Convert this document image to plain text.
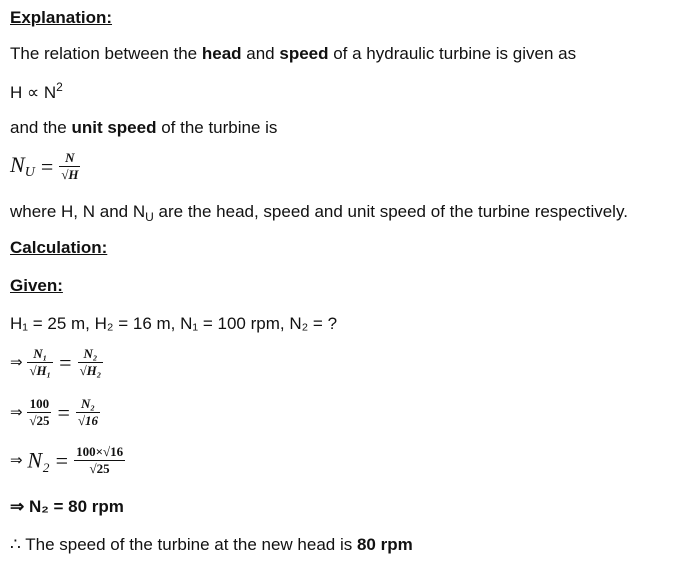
Explanation:
The relation between the head and speed of a hydraulic turbine is given as
$H \propto N^2$
and the unit speed of the turbine is
$N_U = \frac{N}{√H}$
where H, N and $N_U$ are the head, speed and unit speed of the turbine respectively.
Calculation:
Given:
H₁ = 25 m, H₂ = 16 m, N₁ = 100 rpm, N₂ = ?
⇒ $\frac{\text{N₁}}{\text{√H₁}} = \frac{\text{N₂}}{\text{√H₂}}$
⇒ $\frac{100}{√25} = \frac{\text{N₂}}{√16}$
⇒ $N_2 = \frac{100\times√16}{√25}$
⇒ N₂ = 80 rpm
∴ The speed of the turbine at the new head is 80 rpm
